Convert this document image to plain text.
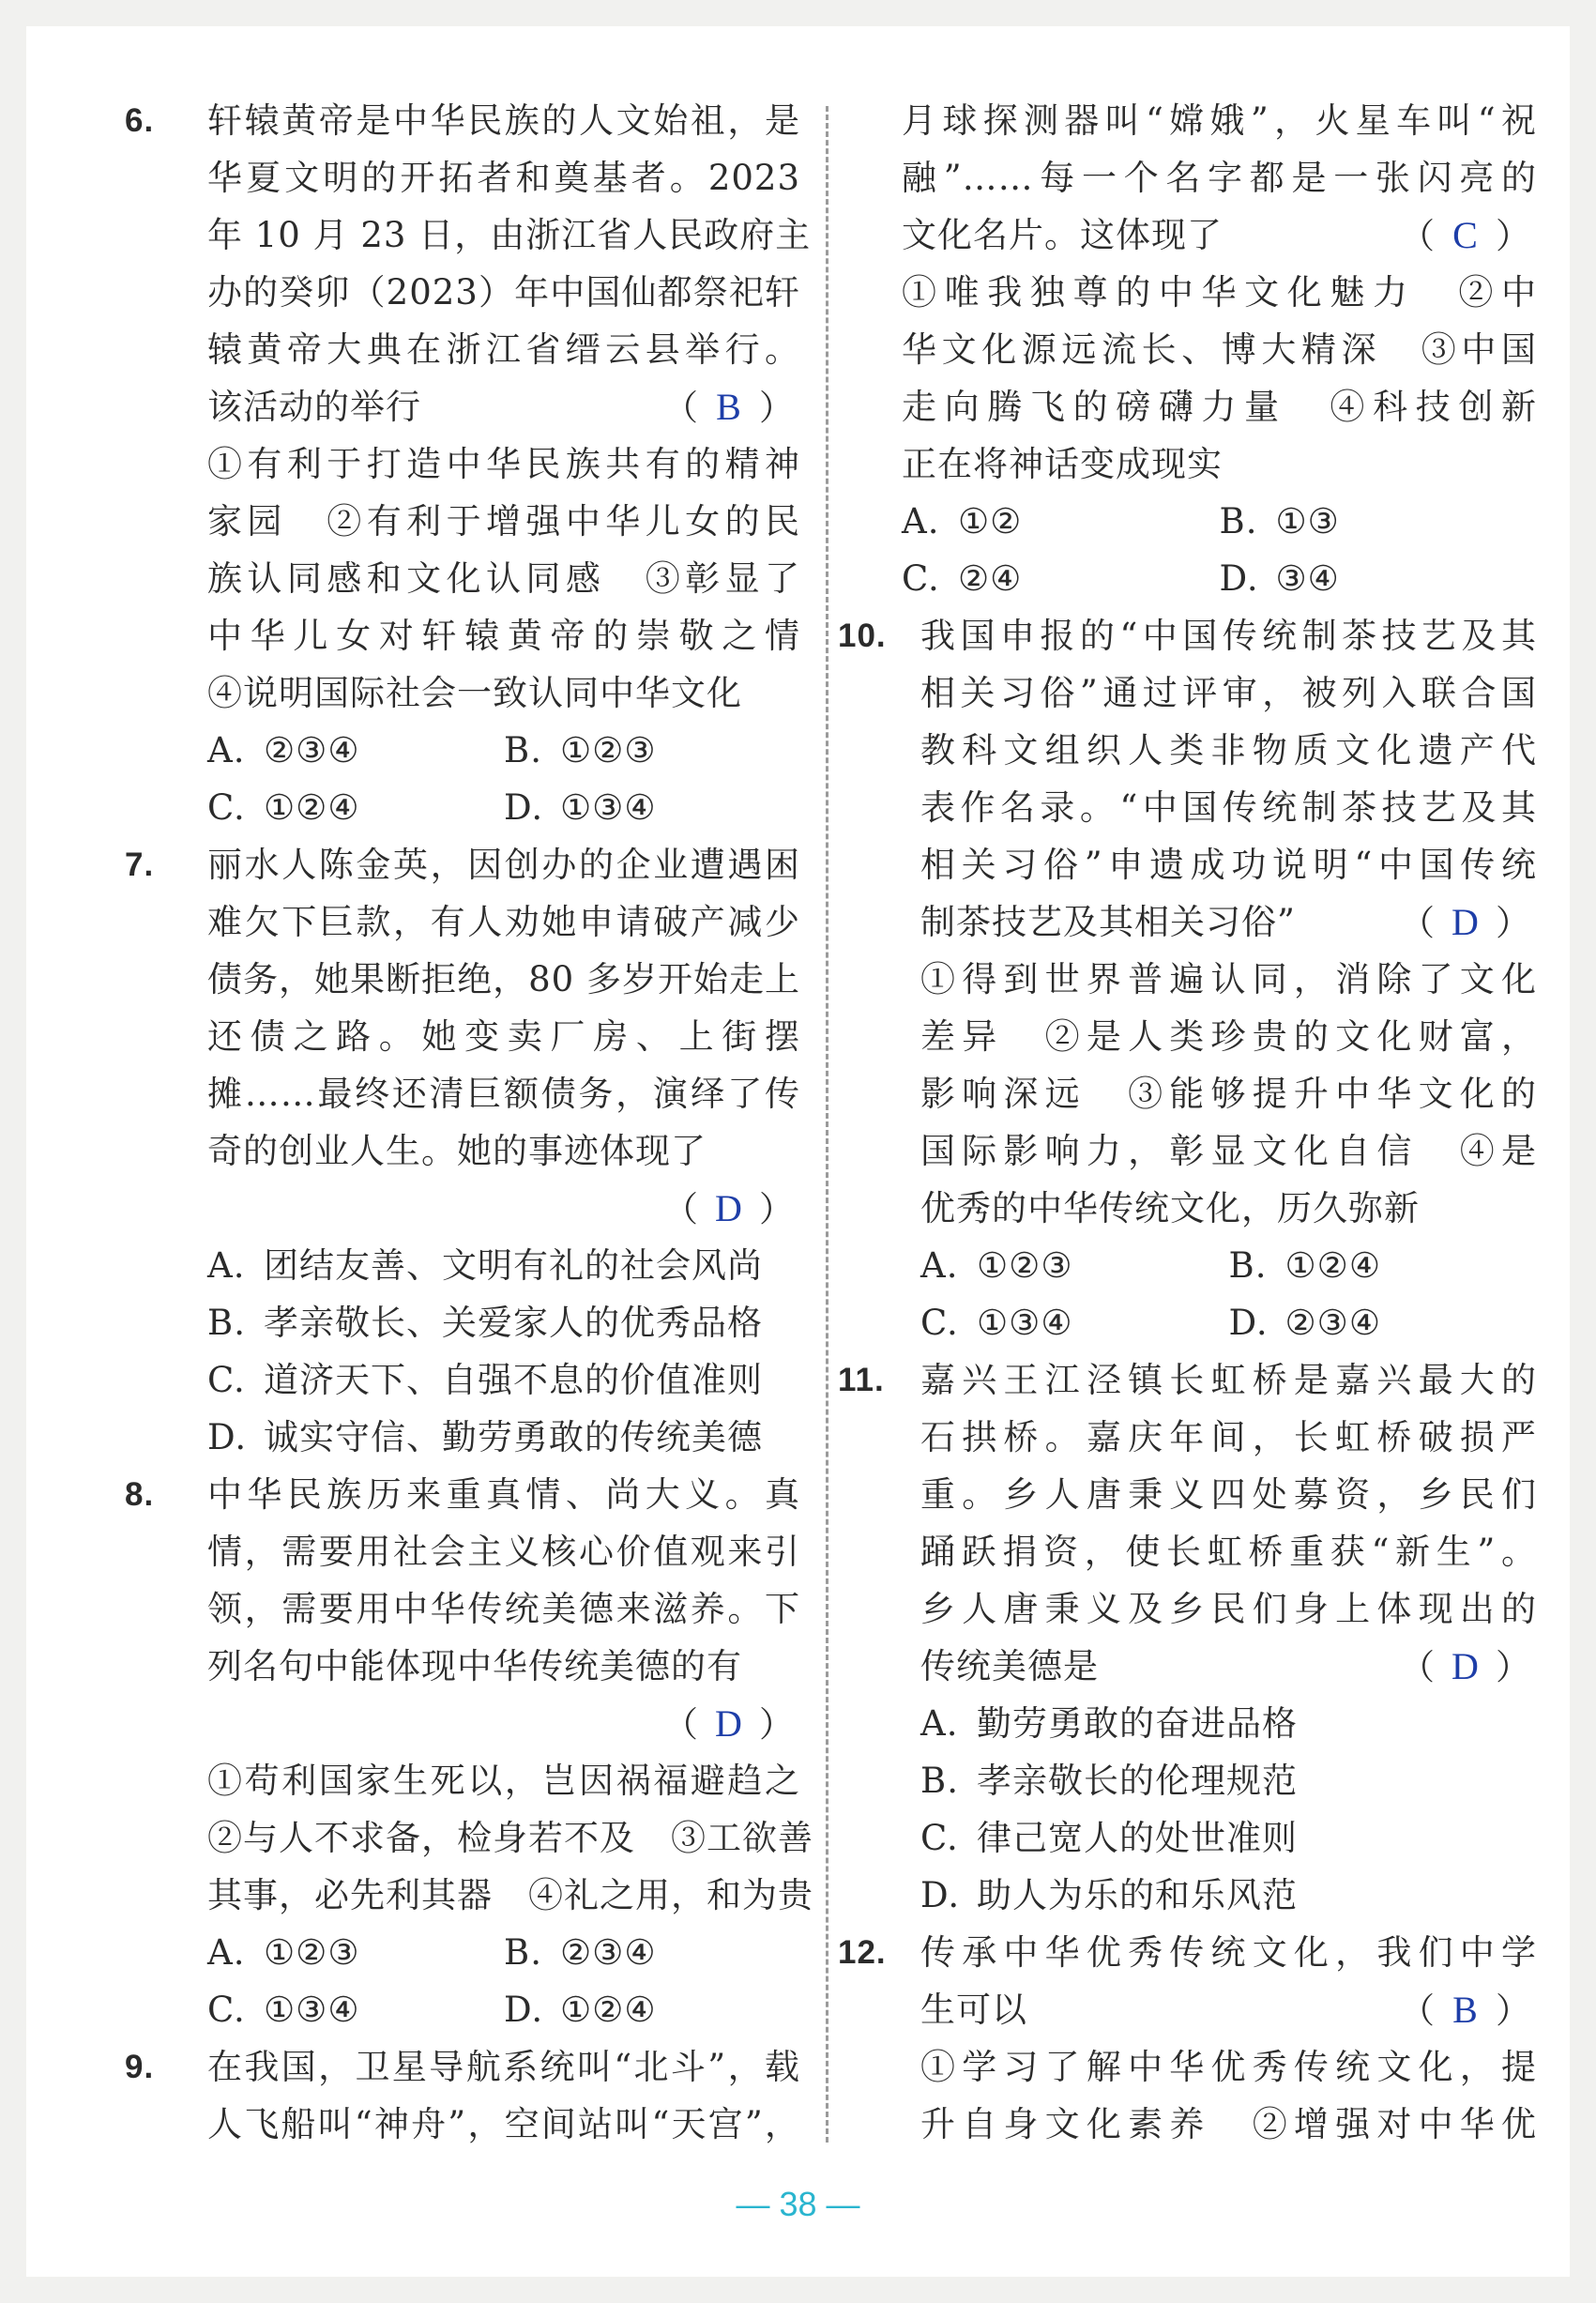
6. 轩辕黄帝是中华民族的人文始祖，是
华夏文明的开拓者和奠基者。2023
年 10 月 23 日，由浙江省人民政府主
办的癸卯（2023）年中国仙都祭祀轩
辕黄帝大典在浙江省缙云县举行。
该活动的举行	（ B ）
①有利于打造中华民族共有的精神
家园　②有利于增强中华儿女的民
族认同感和文化认同感　③彰显了
中华儿女对轩辕黄帝的崇敬之情
④说明国际社会一致认同中华文化
A. ②③④	B. ①②③
C. ①②④	D. ①③④
7. 丽水人陈金英，因创办的企业遭遇困
难欠下巨款，有人劝她申请破产减少
债务，她果断拒绝，80 多岁开始走上
还债之路。她变卖厂房、上街摆
摊……最终还清巨额债务，演绎了传
奇的创业人生。她的事迹体现了
（ D ）
A. 团结友善、文明有礼的社会风尚
B. 孝亲敬长、关爱家人的优秀品格
C. 道济天下、自强不息的价值准则
D. 诚实守信、勤劳勇敢的传统美德
8. 中华民族历来重真情、尚大义。真
情，需要用社会主义核心价值观来引
领，需要用中华传统美德来滋养。下
列名句中能体现中华传统美德的有
（ D ）
①苟利国家生死以，岂因祸福避趋之
②与人不求备，检身若不及　③工欲善
其事，必先利其器　④礼之用，和为贵
A. ①②③	B. ②③④
C. ①③④	D. ①②④
9. 在我国，卫星导航系统叫“北斗”，载
人飞船叫“神舟”，空间站叫“天宫”，
月球探测器叫“嫦娥”，火星车叫“祝
融”……每一个名字都是一张闪亮的
文化名片。这体现了	（ C ）
①唯我独尊的中华文化魅力　②中
华文化源远流长、博大精深　③中国
走向腾飞的磅礴力量　④科技创新
正在将神话变成现实
A. ①②	B. ①③
C. ②④	D. ③④
10. 我国申报的“中国传统制茶技艺及其
相关习俗”通过评审，被列入联合国
教科文组织人类非物质文化遗产代
表作名录。“中国传统制茶技艺及其
相关习俗”申遗成功说明“中国传统
制茶技艺及其相关习俗”	（ D ）
①得到世界普遍认同，消除了文化
差异　②是人类珍贵的文化财富，
影响深远　③能够提升中华文化的
国际影响力，彰显文化自信　④是
优秀的中华传统文化，历久弥新
A. ①②③	B. ①②④
C. ①③④	D. ②③④
11. 嘉兴王江泾镇长虹桥是嘉兴最大的
石拱桥。嘉庆年间，长虹桥破损严
重。乡人唐秉义四处募资，乡民们
踊跃捐资，使长虹桥重获“新生”。
乡人唐秉义及乡民们身上体现出的
传统美德是	（ D ）
A. 勤劳勇敢的奋进品格
B. 孝亲敬长的伦理规范
C. 律己宽人的处世准则
D. 助人为乐的和乐风范
12. 传承中华优秀传统文化，我们中学
生可以	（ B ）
①学习了解中华优秀传统文化，提
升自身文化素养　②增强对中华优
— 38 —
